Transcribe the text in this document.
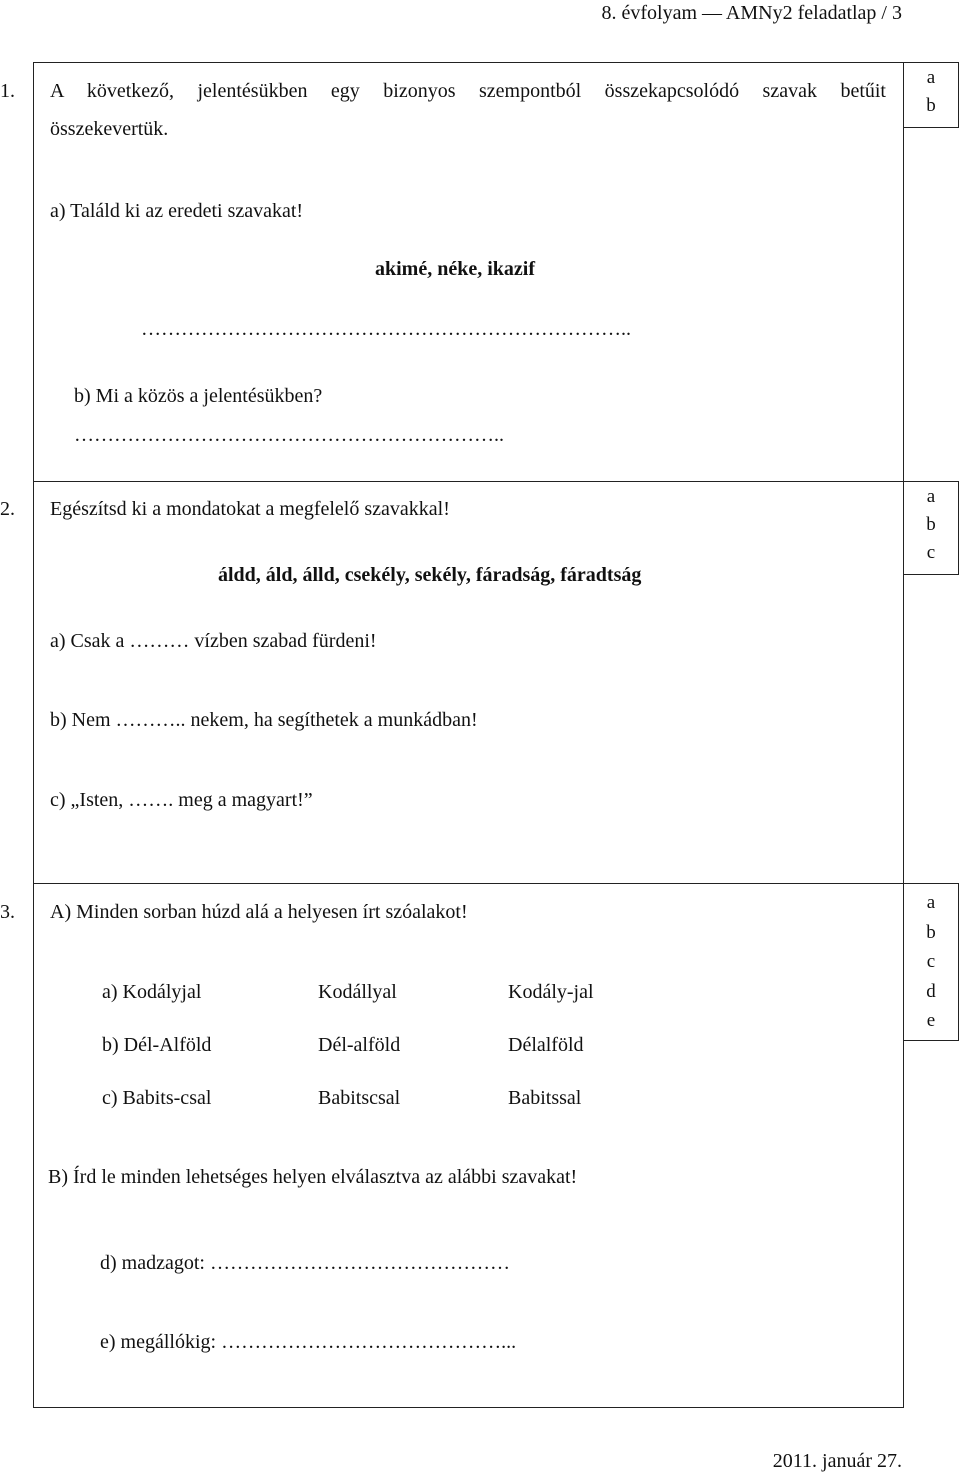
8. évfolyam — AMNy2 feladatlap / 3
a
b
1. A következő, jelentésükben egy bizonyos szempontból összekapcsolódó szavak betűit
összekevertük.
a) Találd ki az eredeti szavakat!
akimé, néke, ikazif
………………………………………………………………..
b) Mi a közös a jelentésükben?
………………………………………………………..
a
b
c
2. Egészítsd ki a mondatokat a megfelelő szavakkal!
áldd, áld, álld, csekély, sekély, fáradság, fáradtság
a) Csak a ……… vízben szabad fürdeni!
b) Nem ……….. nekem, ha segíthetek a munkádban!
c) „Isten, ……. meg a magyart!”
a
b
c
d
e
3. A) Minden sorban húzd alá a helyesen írt szóalakot!
a) Kodályjal	Kodállyal	Kodály-jal
b) Dél-Alföld	Dél-alföld	Délalföld
c) Babits-csal	Babitscsal	Babitssal
B) Írd le minden lehetséges helyen elválasztva az alábbi szavakat!
d) madzagot: ………………………………………
e) megállókig: ……………………………………...
2011. január 27.
